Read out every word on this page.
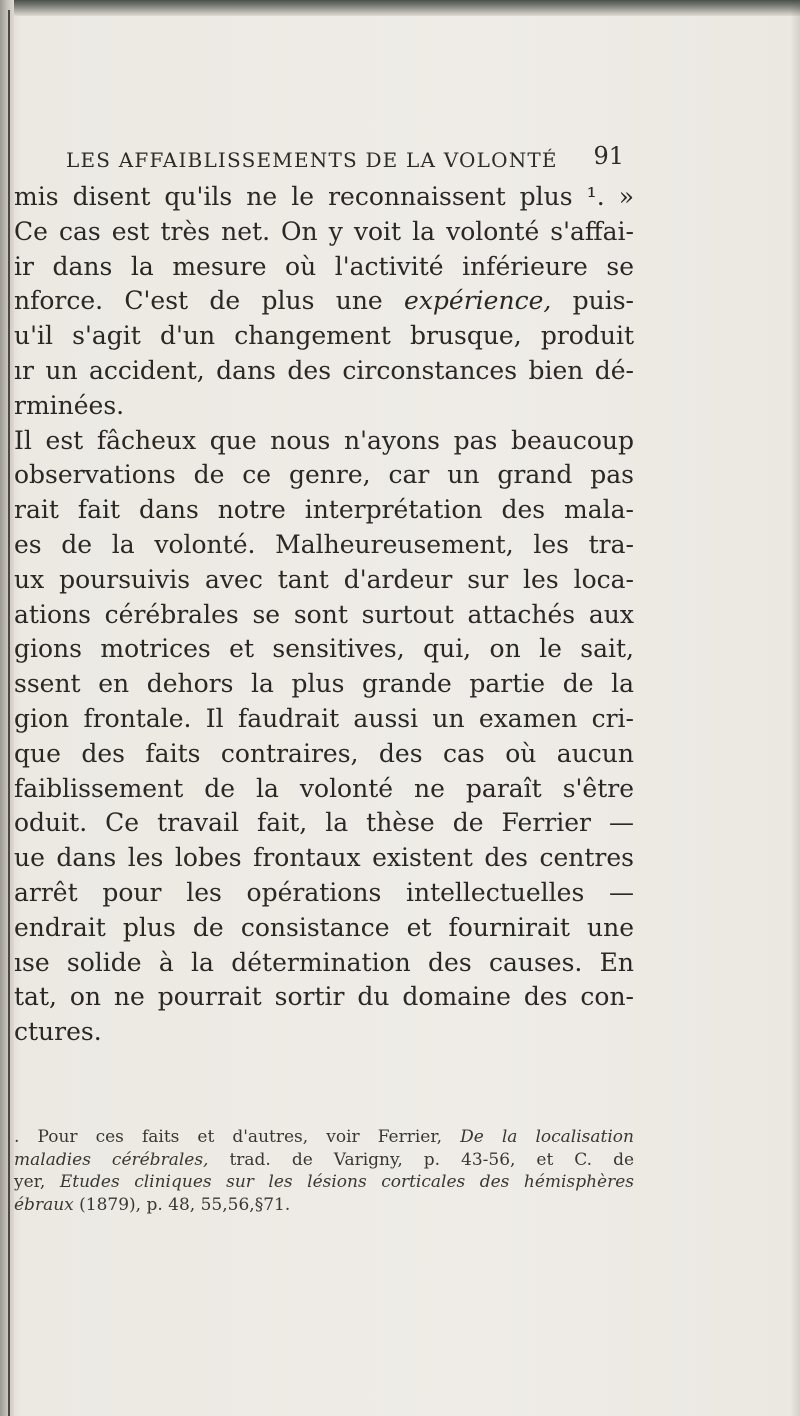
LES AFFAIBLISSEMENTS DE LA VOLONTÉ 91
mis disent qu'ils ne le reconnaissent plus ¹. »
Ce cas est très net. On y voit la volonté s'affai-
ir dans la mesure où l'activité inférieure se
nforce. C'est de plus une expérience, puis-
u'il s'agit d'un changement brusque, produit
ır un accident, dans des circonstances bien dé-
rminées.
Il est fâcheux que nous n'ayons pas beaucoup
observations de ce genre, car un grand pas
rait fait dans notre interprétation des mala-
es de la volonté. Malheureusement, les tra-
ux poursuivis avec tant d'ardeur sur les loca-
ations cérébrales se sont surtout attachés aux
gions motrices et sensitives, qui, on le sait,
ssent en dehors la plus grande partie de la
gion frontale. Il faudrait aussi un examen cri-
que des faits contraires, des cas où aucun
faiblissement de la volonté ne paraît s'être
oduit. Ce travail fait, la thèse de Ferrier —
ue dans les lobes frontaux existent des centres
arrêt pour les opérations intellectuelles —
endrait plus de consistance et fournirait une
ıse solide à la détermination des causes. En
tat, on ne pourrait sortir du domaine des con-
ctures.
. Pour ces faits et d'autres, voir Ferrier, De la localisation
maladies cérébrales, trad. de Varigny, p. 43-56, et C. de
yer, Etudes cliniques sur les lésions corticales des hémisphères
ébraux (1879), p. 48, 55,56,§71.
